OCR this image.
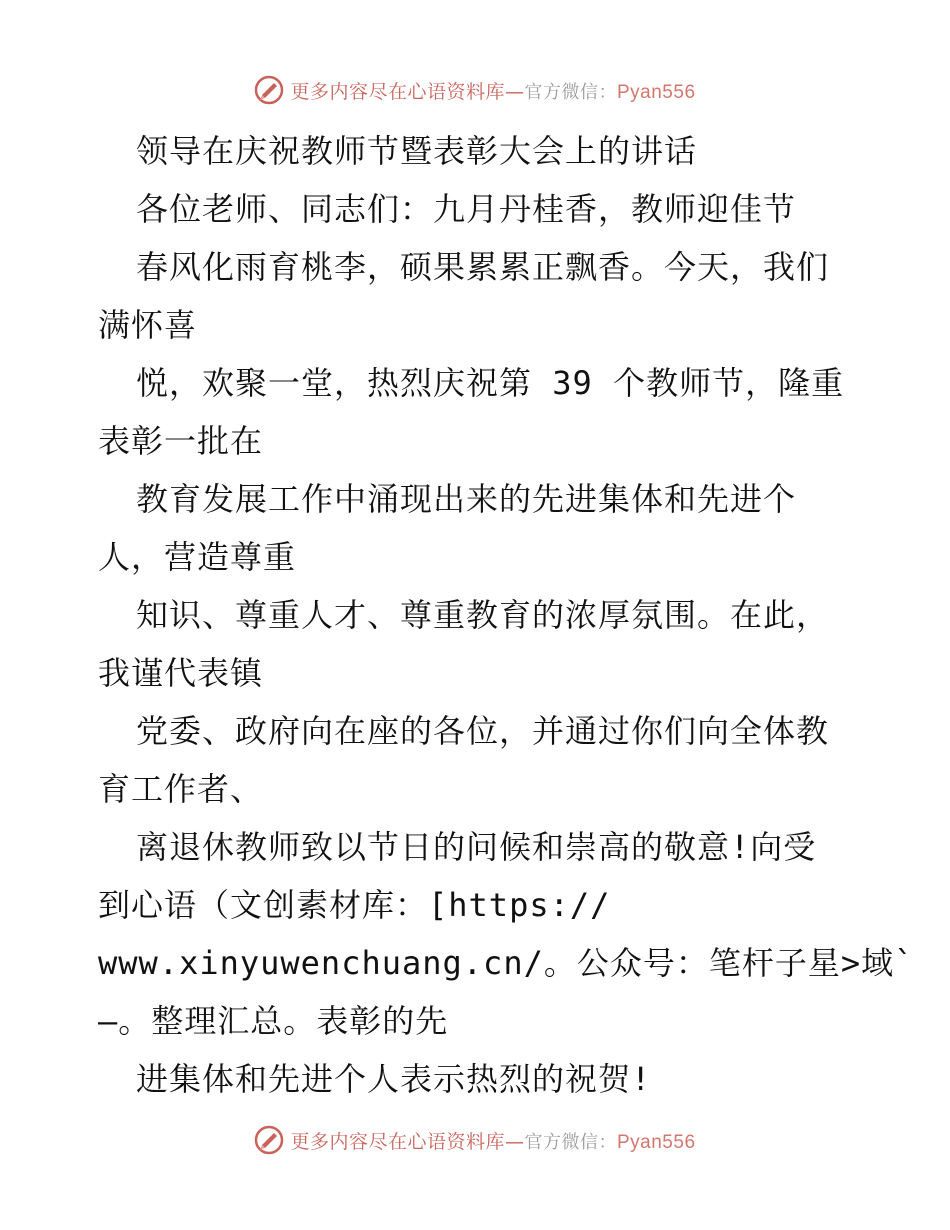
更多内容尽在心语资料库—官方微信：Pyan556
领导在庆祝教师节暨表彰大会上的讲话
各位老师、同志们：九月丹桂香，教师迎佳节
春风化雨育桃李，硕果累累正飘香。今天，我们
满怀喜
悦，欢聚一堂，热烈庆祝第 39 个教师节，隆重
表彰一批在
教育发展工作中涌现出来的先进集体和先进个
人，营造尊重
知识、尊重人才、尊重教育的浓厚氛围。在此，
我谨代表镇
党委、政府向在座的各位，并通过你们向全体教
育工作者、
离退休教师致以节日的问候和崇高的敬意!向受
到心语（文创素材库：[https://
www.xinyuwenchuang.cn/。公众号：笔杆子星>域`
—。整理汇总。表彰的先
进集体和先进个人表示热烈的祝贺!
更多内容尽在心语资料库—官方微信：Pyan556
